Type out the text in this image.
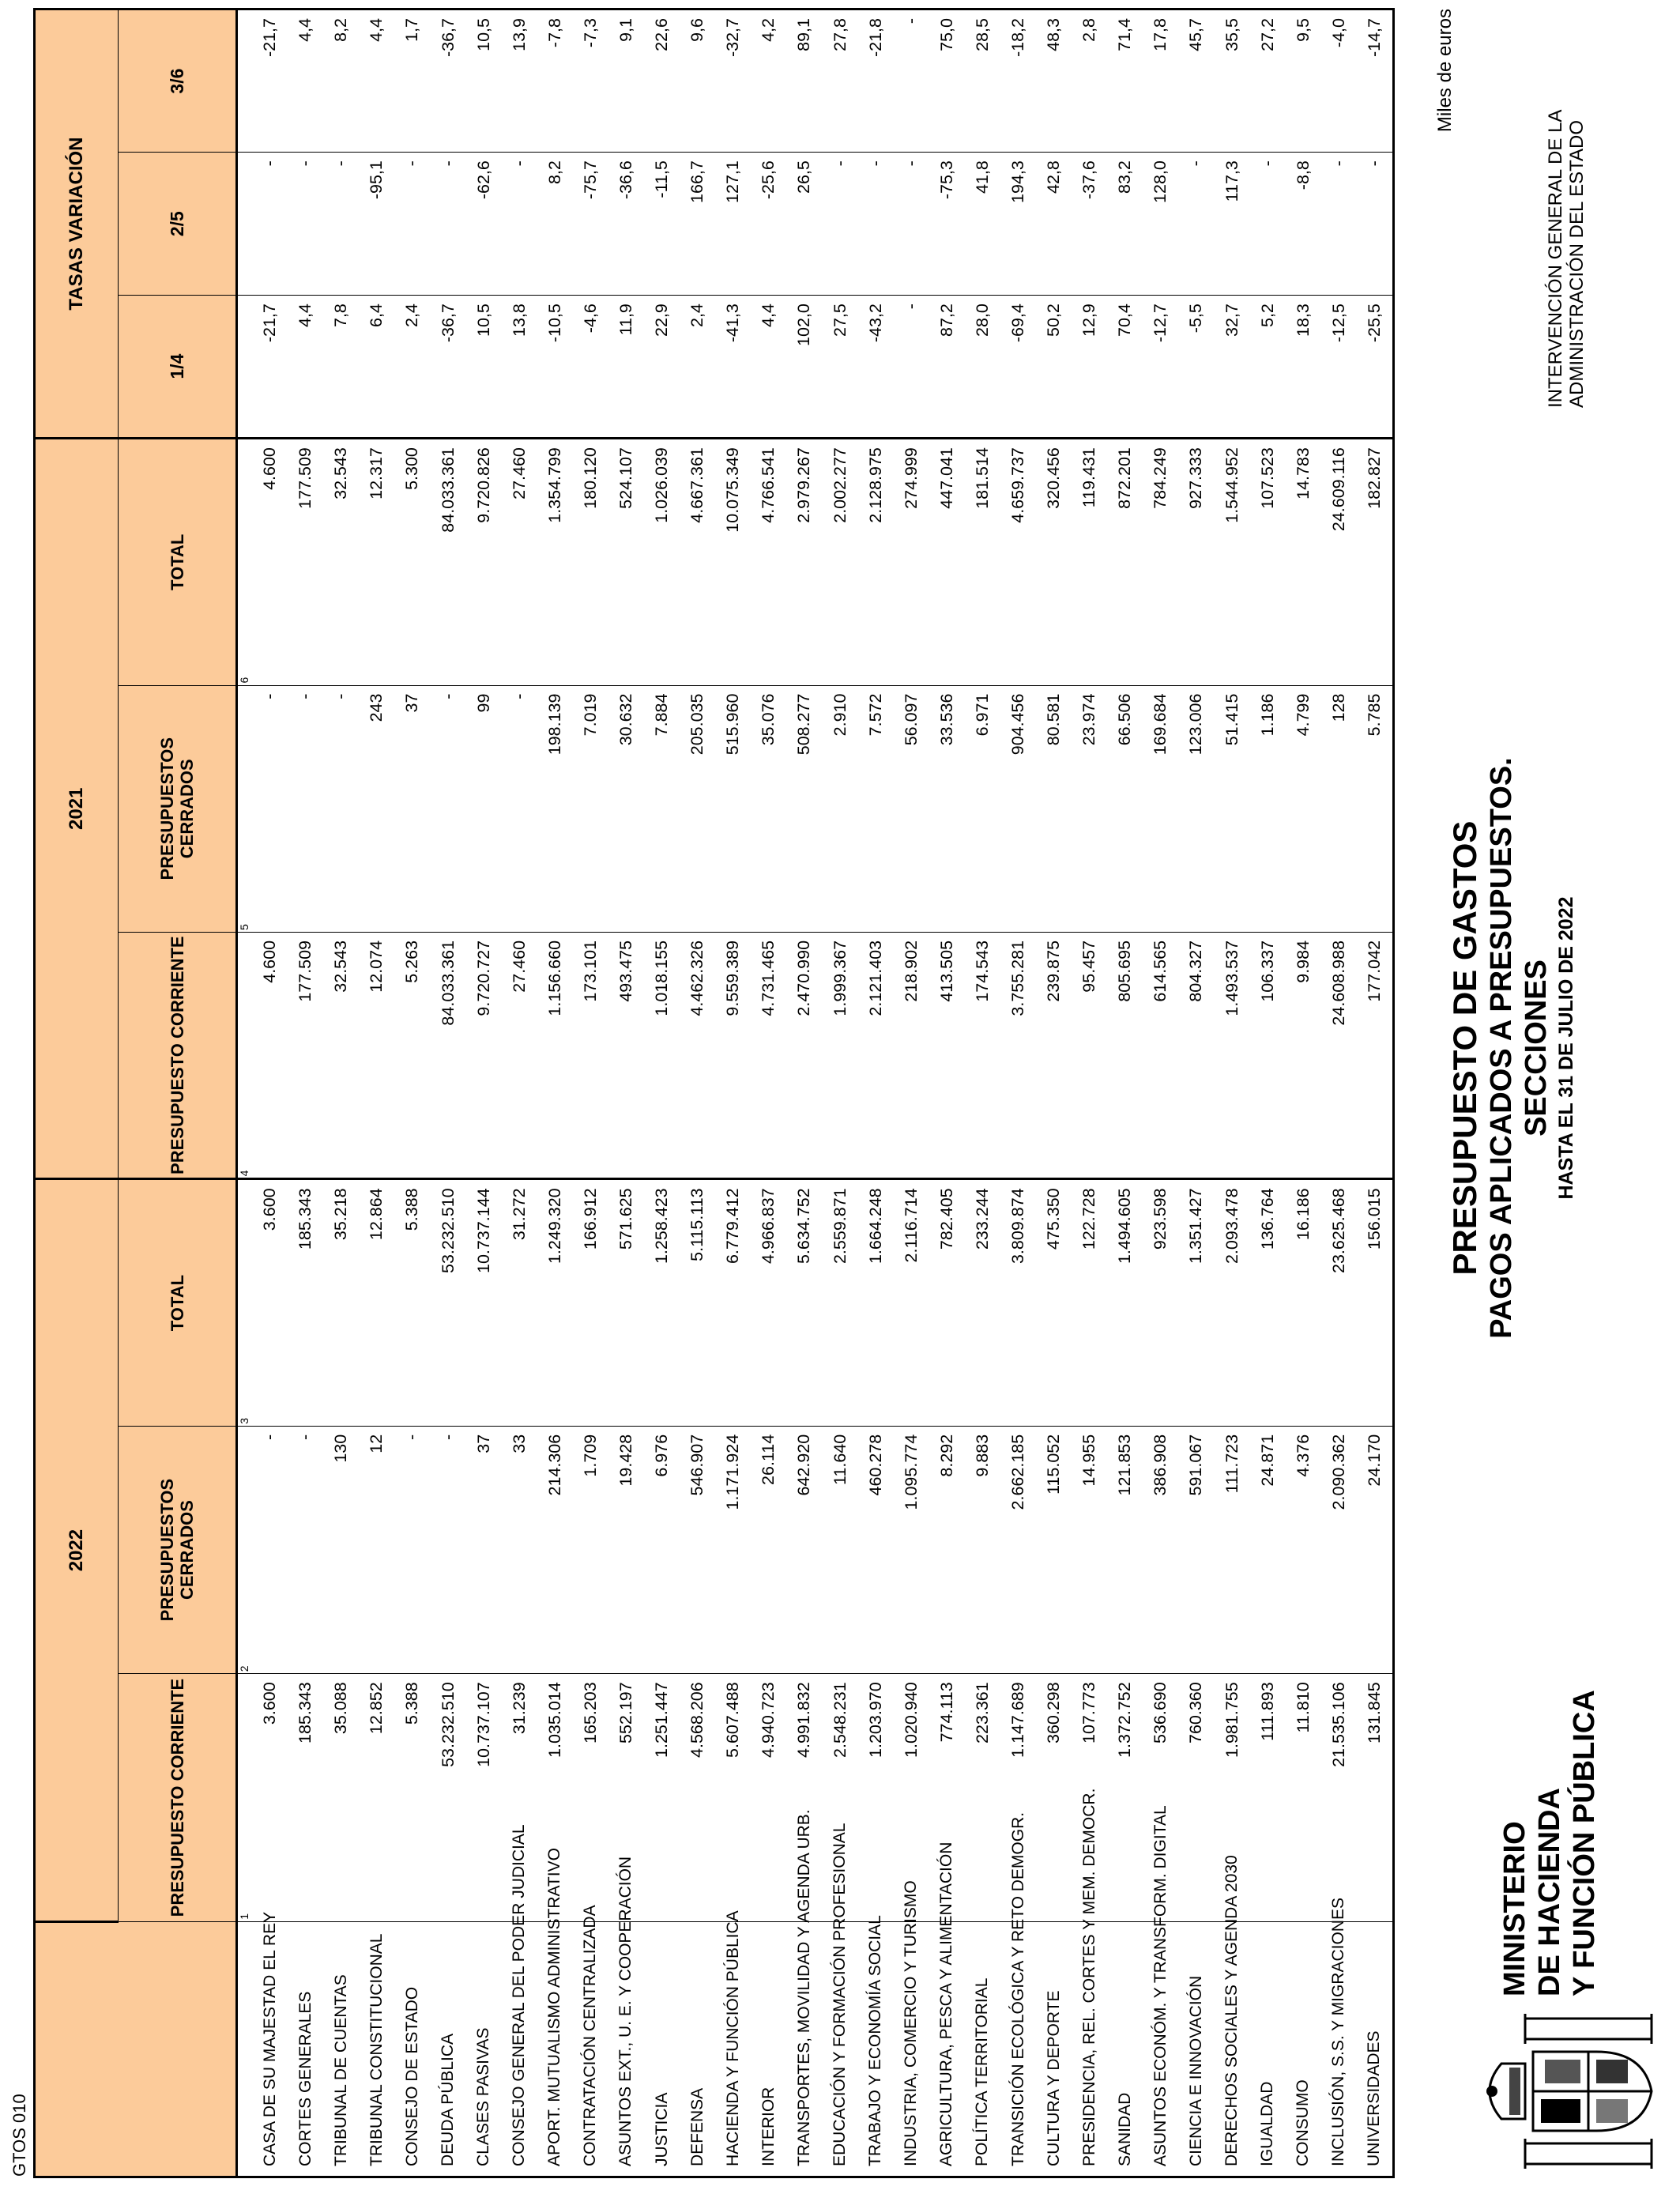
MINISTERIO DE HACIENDA Y FUNCIÓN PÚBLICA
PRESUPUESTO DE GASTOS PAGOS APLICADOS A PRESUPUESTOS. SECCIONES HASTA EL 31 DE JULIO DE 2022
INTERVENCIÓN GENERAL DE LA ADMINISTRACIÓN DEL ESTADO
Miles de euros
GTOS 010
	2022			2021			TASAS VARIACIÓN		
	PRESUPUESTO CORRIENTE	PRESUPUESTOS CERRADOS	TOTAL	PRESUPUESTO CORRIENTE	PRESUPUESTOS CERRADOS	TOTAL	1/4	2/5	3/6
	1	2	3	4	5	6			
CASA DE SU MAJESTAD EL REY	3.600	-	3.600	4.600	-	4.600	-21,7	-	-21,7
CORTES GENERALES	185.343	-	185.343	177.509	-	177.509	4,4	-	4,4
TRIBUNAL DE CUENTAS	35.088	130	35.218	32.543	-	32.543	7,8	-	8,2
TRIBUNAL CONSTITUCIONAL	12.852	12	12.864	12.074	243	12.317	6,4	-95,1	4,4
CONSEJO DE ESTADO	5.388	-	5.388	5.263	37	5.300	2,4	-	1,7
DEUDA PÚBLICA	53.232.510	-	53.232.510	84.033.361	-	84.033.361	-36,7	-	-36,7
CLASES PASIVAS	10.737.107	37	10.737.144	9.720.727	99	9.720.826	10,5	-62,6	10,5
CONSEJO GENERAL DEL PODER JUDICIAL	31.239	33	31.272	27.460	-	27.460	13,8	-	13,9
APORT. MUTUALISMO ADMINISTRATIVO	1.035.014	214.306	1.249.320	1.156.660	198.139	1.354.799	-10,5	8,2	-7,8
CONTRATACIÓN CENTRALIZADA	165.203	1.709	166.912	173.101	7.019	180.120	-4,6	-75,7	-7,3
ASUNTOS EXT., U. E. Y COOPERACIÓN	552.197	19.428	571.625	493.475	30.632	524.107	11,9	-36,6	9,1
JUSTICIA	1.251.447	6.976	1.258.423	1.018.155	7.884	1.026.039	22,9	-11,5	22,6
DEFENSA	4.568.206	546.907	5.115.113	4.462.326	205.035	4.667.361	2,4	166,7	9,6
HACIENDA Y FUNCIÓN PÚBLICA	5.607.488	1.171.924	6.779.412	9.559.389	515.960	10.075.349	-41,3	127,1	-32,7
INTERIOR	4.940.723	26.114	4.966.837	4.731.465	35.076	4.766.541	4,4	-25,6	4,2
TRANSPORTES, MOVILIDAD Y AGENDA URB.	4.991.832	642.920	5.634.752	2.470.990	508.277	2.979.267	102,0	26,5	89,1
EDUCACIÓN Y FORMACIÓN PROFESIONAL	2.548.231	11.640	2.559.871	1.999.367	2.910	2.002.277	27,5	-	27,8
TRABAJO Y ECONOMÍA SOCIAL	1.203.970	460.278	1.664.248	2.121.403	7.572	2.128.975	-43,2	-	-21,8
INDUSTRIA, COMERCIO Y TURISMO	1.020.940	1.095.774	2.116.714	218.902	56.097	274.999	-	-	-
AGRICULTURA, PESCA Y ALIMENTACIÓN	774.113	8.292	782.405	413.505	33.536	447.041	87,2	-75,3	75,0
POLÍTICA TERRITORIAL	223.361	9.883	233.244	174.543	6.971	181.514	28,0	41,8	28,5
TRANSICIÓN ECOLÓGICA Y RETO DEMOGR.	1.147.689	2.662.185	3.809.874	3.755.281	904.456	4.659.737	-69,4	194,3	-18,2
CULTURA Y DEPORTE	360.298	115.052	475.350	239.875	80.581	320.456	50,2	42,8	48,3
PRESIDENCIA, REL. CORTES Y MEM. DEMOCR.	107.773	14.955	122.728	95.457	23.974	119.431	12,9	-37,6	2,8
SANIDAD	1.372.752	121.853	1.494.605	805.695	66.506	872.201	70,4	83,2	71,4
ASUNTOS ECONÓM. Y TRANSFORM. DIGITAL	536.690	386.908	923.598	614.565	169.684	784.249	-12,7	128,0	17,8
CIENCIA E INNOVACIÓN	760.360	591.067	1.351.427	804.327	123.006	927.333	-5,5	-	45,7
DERECHOS SOCIALES Y AGENDA 2030	1.981.755	111.723	2.093.478	1.493.537	51.415	1.544.952	32,7	117,3	35,5
IGUALDAD	111.893	24.871	136.764	106.337	1.186	107.523	5,2	-	27,2
CONSUMO	11.810	4.376	16.186	9.984	4.799	14.783	18,3	-8,8	9,5
INCLUSIÓN, S.S. Y MIGRACIONES	21.535.106	2.090.362	23.625.468	24.608.988	128	24.609.116	-12,5	-	-4,0
UNIVERSIDADES	131.845	24.170	156.015	177.042	5.785	182.827	-25,5	-	-14,7
